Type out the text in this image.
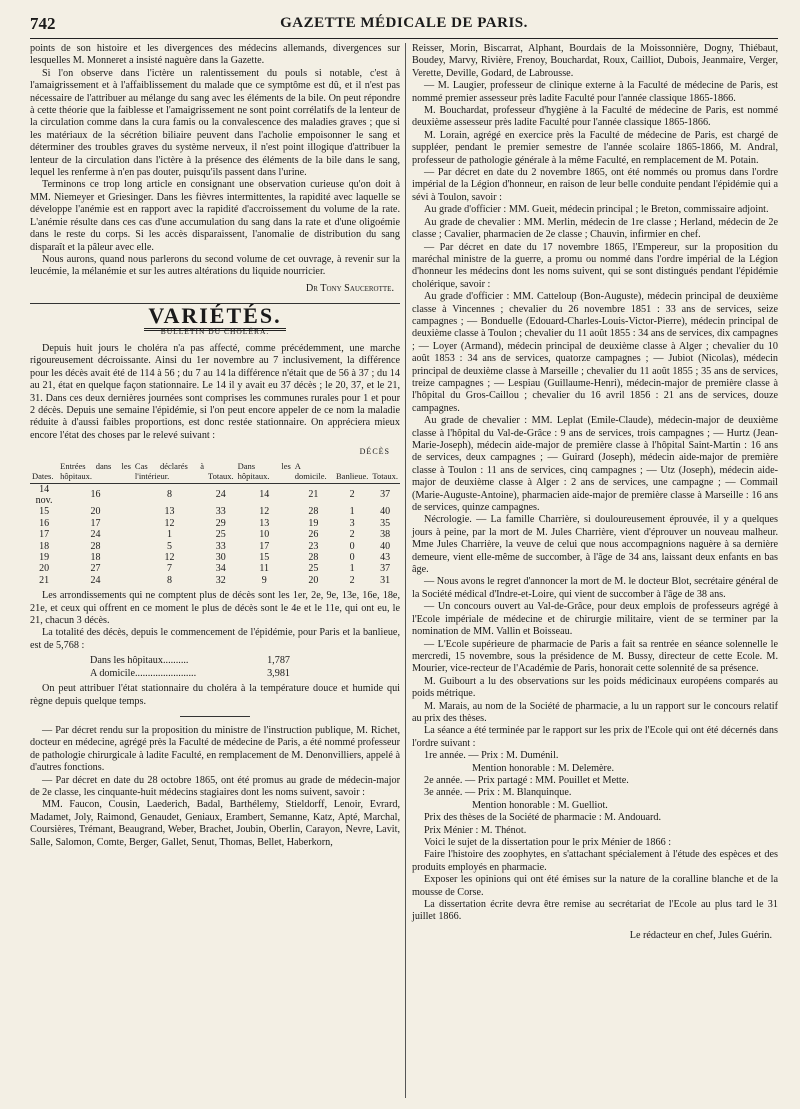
742	GAZETTE MÉDICALE DE PARIS.

points de son histoire et les divergences des médecins allemands, divergences sur lesquelles M. Monneret a insisté naguère dans la Gazette.

Si l'on observe dans l'ictère un ralentissement du pouls si notable, c'est à l'amaigrissement et à l'affaiblissement du malade que ce symptôme est dû, et il n'est pas nécessaire de l'attribuer au mélange du sang avec les éléments de la bile. On peut répondre à cette théorie que la faiblesse et l'amaigrissement ne sont point corrélatifs de la lenteur de la circulation comme dans la cura famis ou la convalescence des maladies graves ; que si les matériaux de la sécrétion biliaire peuvent dans l'acholie empoisonner le sang et déterminer des troubles graves du système nerveux, il n'est point illogique d'attribuer la lenteur de la circulation dans l'ictère à la présence des éléments de la bile dans le sang, lequel les renferme à n'en pas douter, puisqu'ils passent dans l'urine.

Terminons ce trop long article en consignant une observation curieuse qu'on doit à MM. Niemeyer et Griesinger. Dans les fièvres intermittentes, la rapidité avec laquelle se développe l'anémie est en rapport avec la rapidité d'accroissement du volume de la rate. L'anémie résulte dans ces cas d'une accumulation du sang dans la rate et d'une oligoémie dans le reste du corps. Si les accès disparaissent, l'anomalie de distribution du sang disparaît et la pâleur avec elle.

Nous aurons, quand nous parlerons du second volume de cet ouvrage, à revenir sur la leucémie, la mélanémie et sur les autres altérations du liquide nourricier.

Dr Tony Saucerotte.
VARIÉTÉS.
BULLETIN DU CHOLÉRA.

Depuis huit jours le choléra n'a pas affecté, comme précédemment, une marche rigoureusement décroissante. Ainsi du 1er novembre au 7 inclusivement, la différence pour les décès avait été de 114 à 56 ; du 7 au 14 la différence n'était que de 56 à 37 ; du 14 au 21, état en quelque façon stationnaire. Le 14 il y avait eu 37 décès ; le 20, 37, et le 21, 31. Dans ces deux dernières journées sont comprises les communes rurales pour 1 et pour 2 décès. Depuis une semaine l'épidémie, si l'on peut encore appeler de ce nom la maladie réduite à d'aussi faibles proportions, est donc restée stationnaire. On appréciera mieux encore l'état des choses par le relevé suivant :

DÉCÈS
Dates.	Entrées dans les hôpitaux.	Cas déclarés à l'intérieur.	Totaux.	Dans les hôpitaux.	A domicile.	Banlieue.	Totaux.
14 nov.	16	8	24	14	21	2	37
15	20	13	33	12	28	1	40
16	17	12	29	13	19	3	35
17	24	1	25	10	26	2	38
18	28	5	33	17	23	0	40
19	18	12	30	15	28	0	43
20	27	7	34	11	25	1	37
21	24	8	32	9	20	2	31

Les arrondissements qui ne comptent plus de décès sont les 1er, 2e, 9e, 13e, 16e, 18e, 21e, et ceux qui offrent en ce moment le plus de décès sont le 4e et le 11e, qui ont eu, le 21, chacun 3 décès.

La totalité des décès, depuis le commencement de l'épidémie, pour Paris et la banlieue, est de 5,768 :

Dans les hôpitaux..........	1,787
A domicile........................	3,981

On peut attribuer l'état stationnaire du choléra à la température douce et humide qui règne depuis quelque temps.

— Par décret rendu sur la proposition du ministre de l'instruction publique, M. Richet, docteur en médecine, agrégé près la Faculté de médecine de Paris, a été nommé professeur de pathologie chirurgicale à ladite Faculté, en remplacement de M. Denonvilliers, appelé à d'autres fonctions.

— Par décret en date du 28 octobre 1865, ont été promus au grade de médecin-major de 2e classe, les cinquante-huit médecins stagiaires dont les noms suivent, savoir :

MM. Faucon, Cousin, Laederich, Badal, Barthélemy, Stieldorff, Lenoir, Evrard, Madamet, Joly, Raimond, Genaudet, Geniaux, Erambert, Semanne, Katz, Apté, Marchal, Coursières, Trémant, Beaugrand, Weber, Brachet, Joubin, Oberlin, Carayon, Nevre, Lavit, Salle, Salomon, Comte, Berger, Gallet, Senut, Thomas, Bellet, Haberkorn,

Reisser, Morin, Biscarrat, Alphant, Bourdais de la Moissonnière, Dogny, Thiébaut, Boudey, Marvy, Rivière, Frenoy, Bouchardat, Roux, Cailliot, Dubois, Jeanmaire, Verger, Verette, Deville, Godard, de Labrousse.

— M. Laugier, professeur de clinique externe à la Faculté de médecine de Paris, est nommé premier assesseur près ladite Faculté pour l'année classique 1865-1866.

M. Bouchardat, professeur d'hygiène à la Faculté de médecine de Paris, est nommé deuxième assesseur près ladite Faculté pour l'année classique 1865-1866.

M. Lorain, agrégé en exercice près la Faculté de médecine de Paris, est chargé de suppléer, pendant le premier semestre de l'année scolaire 1865-1866, M. Andral, professeur de pathologie générale à la même Faculté, en remplacement de M. Potain.

— Par décret en date du 2 novembre 1865, ont été nommés ou promus dans l'ordre impérial de la Légion d'honneur, en raison de leur belle conduite pendant l'épidémie qui a sévi à Toulon, savoir :

Au grade d'officier : MM. Gueit, médecin principal ; le Breton, commissaire adjoint.

Au grade de chevalier : MM. Merlin, médecin de 1re classe ; Herland, médecin de 2e classe ; Cavalier, pharmacien de 2e classe ; Chauvin, infirmier en chef.

— Par décret en date du 17 novembre 1865, l'Empereur, sur la proposition du maréchal ministre de la guerre, a promu ou nommé dans l'ordre impérial de la Légion d'honneur les médecins dont les noms suivent, qui se sont distingués pendant l'épidémie cholérique, savoir :

Au grade d'officier : MM. Catteloup (Bon-Auguste), médecin principal de deuxième classe à Vincennes ; chevalier du 26 novembre 1851 : 33 ans de services, seize campagnes ; — Bonduelle (Edouard-Charles-Louis-Victor-Pierre), médecin principal de deuxième classe à Toulon ; chevalier du 11 août 1855 : 34 ans de services, dix campagnes ; — Loyer (Armand), médecin principal de deuxième classe à Alger ; chevalier du 10 août 1853 : 34 ans de services, quatorze campagnes ; — Jubiot (Nicolas), médecin principal de deuxième classe à Marseille ; chevalier du 11 août 1855 ; 35 ans de services, treize campagnes ; — Lespiau (Guillaume-Henri), médecin-major de première classe à l'hôpital du Gros-Caillou ; chevalier du 16 avril 1856 : 21 ans de services, douze campagnes.

Au grade de chevalier : MM. Leplat (Emile-Claude), médecin-major de deuxième classe à l'hôpital du Val-de-Grâce : 9 ans de services, trois campagnes ; — Hurtz (Jean-Marie-Joseph), médecin aide-major de première classe à l'hôpital Saint-Martin : 16 ans de services, deux campagnes ; — Guirard (Joseph), médecin aide-major de première classe à Toulon : 11 ans de services, cinq campagnes ; — Utz (Joseph), médecin aide-major de deuxième classe à Alger : 2 ans de services, une campagne ; — Commail (Marie-Auguste-Antoine), pharmacien aide-major de première classe à Marseille : 16 ans de services, quinze campagnes.

Nécrologie. — La famille Charrière, si douloureusement éprouvée, il y a quelques jours à peine, par la mort de M. Jules Charrière, vient d'éprouver un nouveau malheur. Mme Jules Charrière, la veuve de celui que nous accompagnions naguère à sa dernière demeure, vient elle-même de succomber, à l'âge de 34 ans, laissant deux enfants en bas âge.

— Nous avons le regret d'annoncer la mort de M. le docteur Blot, secrétaire général de la Société médical d'Indre-et-Loire, qui vient de succomber à l'âge de 38 ans.

— Un concours ouvert au Val-de-Grâce, pour deux emplois de professeurs agrégé à l'Ecole impériale de médecine et de chirurgie militaire, vient de se terminer par la nomination de MM. Vallin et Boisseau.

— L'Ecole supérieure de pharmacie de Paris a fait sa rentrée en séance solennelle le mercredi, 15 novembre, sous la présidence de M. Bussy, directeur de cette Ecole. M. Mourier, vice-recteur de l'Académie de Paris, honorait cette solennité de sa présence.

M. Guibourt a lu des observations sur les poids médicinaux européens comparés au poids métrique.

M. Marais, au nom de la Société de pharmacie, a lu un rapport sur le concours relatif au prix des thèses.

La séance a été terminée par le rapport sur les prix de l'Ecole qui ont été décernés dans l'ordre suivant :

1re année. — Prix : M. Duménil.
Mention honorable : M. Delemère.
2e année. — Prix partagé : MM. Pouillet et Mette.
3e année. — Prix : M. Blanquinque.
Mention honorable : M. Guelliot.

Prix des thèses de la Société de pharmacie : M. Andouard.

Prix Ménier : M. Thénot.

Voici le sujet de la dissertation pour le prix Ménier de 1866 :

Faire l'histoire des zoophytes, en s'attachant spécialement à l'étude des espèces et des produits employés en pharmacie.

Exposer les opinions qui ont été émises sur la nature de la coralline blanche et de la mousse de Corse.

La dissertation écrite devra être remise au secrétariat de l'Ecole au plus tard le 31 juillet 1866.

Le rédacteur en chef, Jules Guérin.
